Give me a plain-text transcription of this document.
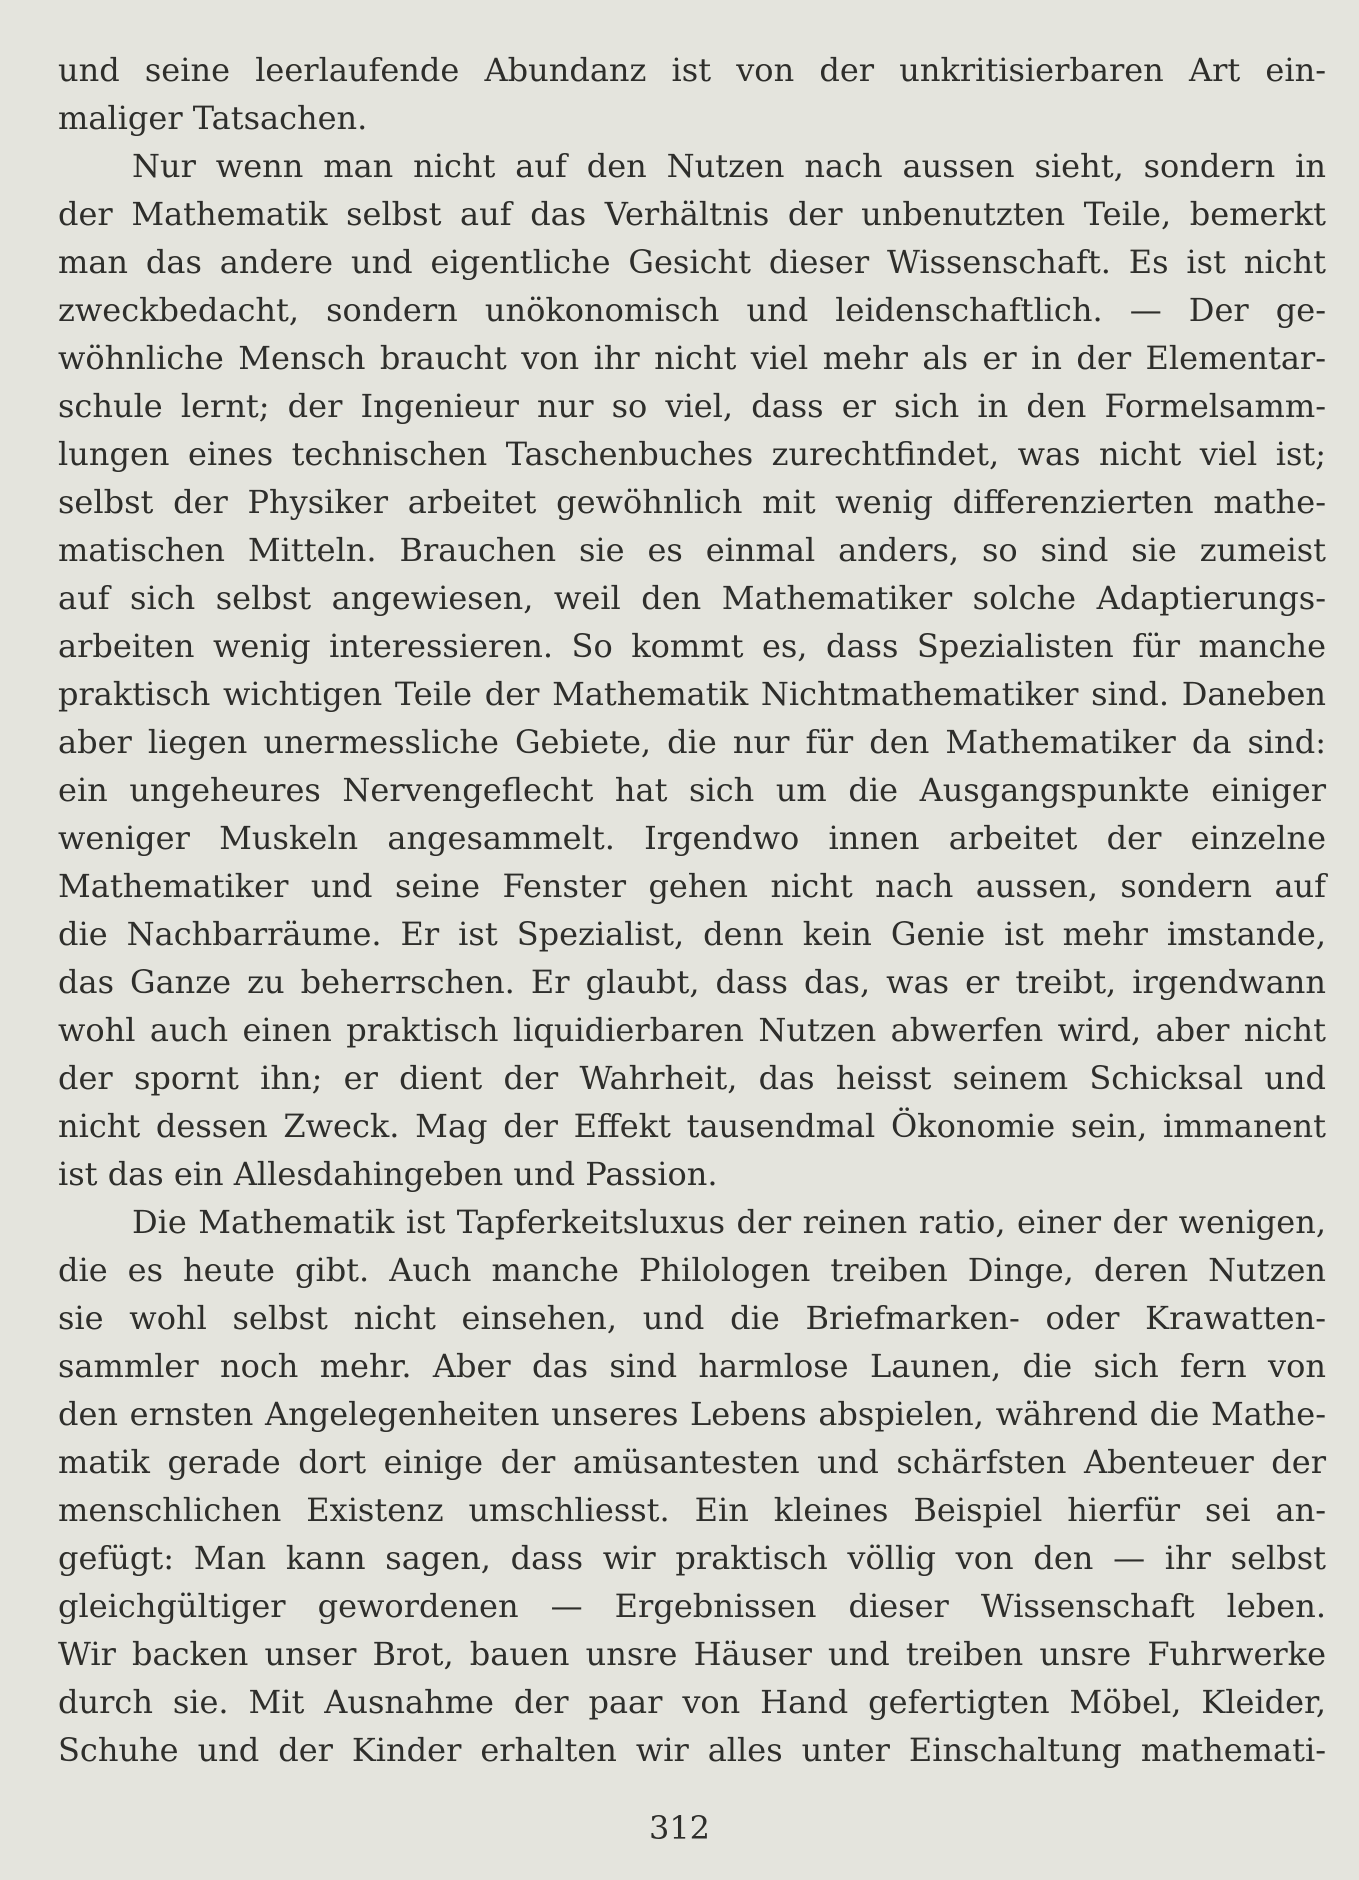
und seine leerlaufende Abundanz ist von der unkritisierbaren Art ein-
maliger Tatsachen.
Nur wenn man nicht auf den Nutzen nach aussen sieht, sondern in
der Mathematik selbst auf das Verhältnis der unbenutzten Teile, bemerkt
man das andere und eigentliche Gesicht dieser Wissenschaft. Es ist nicht
zweckbedacht, sondern unökonomisch und leidenschaftlich. — Der ge-
wöhnliche Mensch braucht von ihr nicht viel mehr als er in der Elementar-
schule lernt; der Ingenieur nur so viel, dass er sich in den Formelsamm-
lungen eines technischen Taschenbuches zurechtfindet, was nicht viel ist;
selbst der Physiker arbeitet gewöhnlich mit wenig differenzierten mathe-
matischen Mitteln. Brauchen sie es einmal anders, so sind sie zumeist
auf sich selbst angewiesen, weil den Mathematiker solche Adaptierungs-
arbeiten wenig interessieren. So kommt es, dass Spezialisten für manche
praktisch wichtigen Teile der Mathematik Nichtmathematiker sind. Daneben
aber liegen unermessliche Gebiete, die nur für den Mathematiker da sind:
ein ungeheures Nervengeflecht hat sich um die Ausgangspunkte einiger
weniger Muskeln angesammelt. Irgendwo innen arbeitet der einzelne
Mathematiker und seine Fenster gehen nicht nach aussen, sondern auf
die Nachbarräume. Er ist Spezialist, denn kein Genie ist mehr imstande,
das Ganze zu beherrschen. Er glaubt, dass das, was er treibt, irgendwann
wohl auch einen praktisch liquidierbaren Nutzen abwerfen wird, aber nicht
der spornt ihn; er dient der Wahrheit, das heisst seinem Schicksal und
nicht dessen Zweck. Mag der Effekt tausendmal Ökonomie sein, immanent
ist das ein Allesdahingeben und Passion.
Die Mathematik ist Tapferkeitsluxus der reinen ratio, einer der wenigen,
die es heute gibt. Auch manche Philologen treiben Dinge, deren Nutzen
sie wohl selbst nicht einsehen, und die Briefmarken- oder Krawatten-
sammler noch mehr. Aber das sind harmlose Launen, die sich fern von
den ernsten Angelegenheiten unseres Lebens abspielen, während die Mathe-
matik gerade dort einige der amüsantesten und schärfsten Abenteuer der
menschlichen Existenz umschliesst. Ein kleines Beispiel hierfür sei an-
gefügt: Man kann sagen, dass wir praktisch völlig von den — ihr selbst
gleichgültiger gewordenen — Ergebnissen dieser Wissenschaft leben.
Wir backen unser Brot, bauen unsre Häuser und treiben unsre Fuhrwerke
durch sie. Mit Ausnahme der paar von Hand gefertigten Möbel, Kleider,
Schuhe und der Kinder erhalten wir alles unter Einschaltung mathemati-
312
